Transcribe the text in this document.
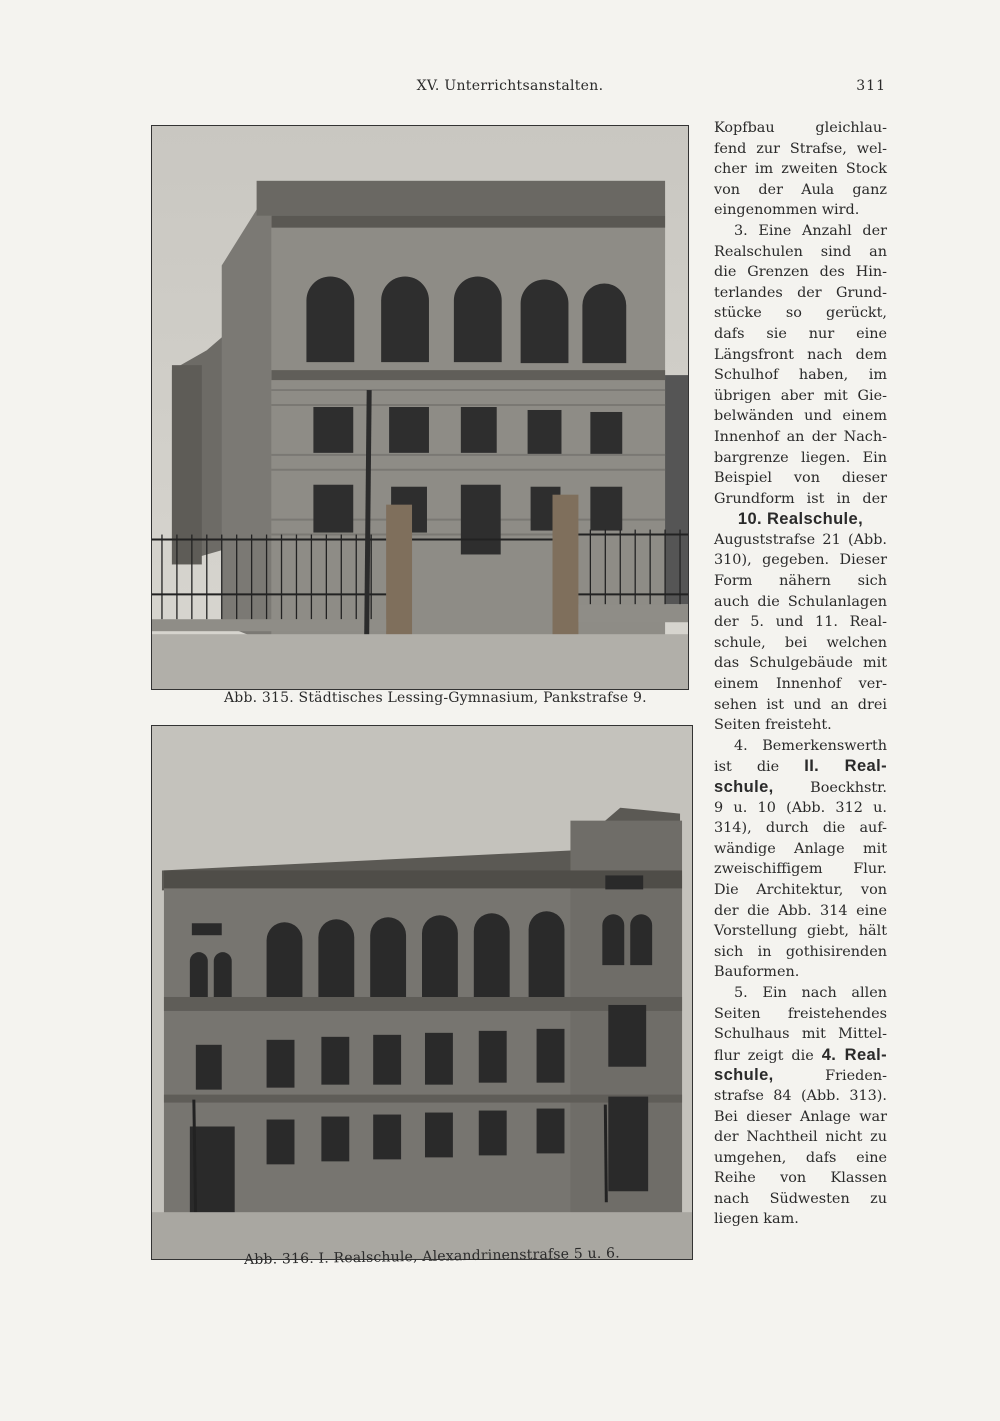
XV. Unterrichtsanstalten.	311
Abb. 315. Städtisches Lessing-Gymnasium, Pankstrafse 9.
Abb. 316. I. Realschule, Alexandrinenstrafse 5 u. 6.
Kopfbau gleichlau-
fend zur Strafse, wel-
cher im zweiten Stock
von der Aula ganz
eingenommen wird.
3. Eine Anzahl der
Realschulen sind an
die Grenzen des Hin-
terlandes der Grund-
stücke so gerückt,
dafs sie nur eine
Längsfront nach dem
Schulhof haben, im
übrigen aber mit Gie-
belwänden und einem
Innenhof an der Nach-
bargrenze liegen. Ein
Beispiel von dieser
Grundform ist in der
10. Realschule,
Auguststrafse 21 (Abb.
310), gegeben. Dieser
Form nähern sich
auch die Schulanlagen
der 5. und 11. Real-
schule, bei welchen
das Schulgebäude mit
einem Innenhof ver-
sehen ist und an drei
Seiten freisteht.
4. Bemerkenswerth
ist die II. Real-
schule,	Boeckhstr.
9 u. 10 (Abb. 312 u.
314), durch die auf-
wändige Anlage mit
zweischiffigem Flur.
Die Architektur, von
der die Abb. 314 eine
Vorstellung giebt, hält
sich in gothisirenden
Bauformen.
5. Ein nach allen
Seiten freistehendes
Schulhaus mit Mittel-
flur zeigt die 4. Real-
schule,	Frieden-
strafse 84 (Abb. 313).
Bei dieser Anlage war
der Nachtheil nicht zu
umgehen, dafs eine
Reihe von Klassen
nach Südwesten zu
liegen kam.
